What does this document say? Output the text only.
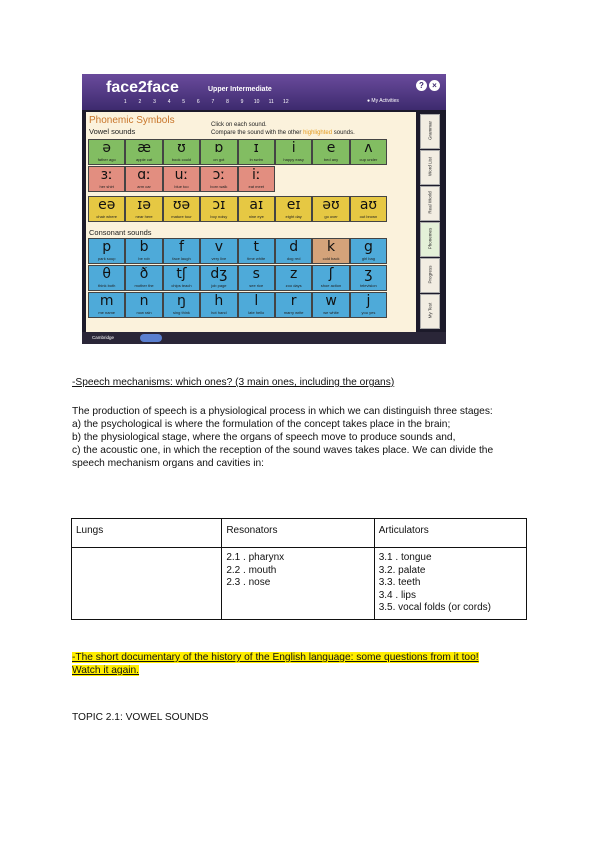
face2face	Upper Intermediate
1	2	3	4	5	6	7	8	9	10	11	12	● My Activities
?	×
Phonemic Symbols
Vowel sounds
Click on each sound.
Compare the sound with the other highlighted sounds.
ə
father ago
æ
apple cat
ʊ
book could
ɒ
on got
ɪ
in swim
i
happy easy
e
bed any
ʌ
cup under
ɜː
her shirt
ɑː
arm car
uː
blue too
ɔː
born walk
iː
eat meet
eə
chair where
ɪə
near here
ʊə
mature tour
ɔɪ
boy noisy
aɪ
nine eye
eɪ
eight day
əʊ
go over
aʊ
out brown
Consonant sounds
p
park soup
b
be rob
f
face laugh
v
very live
t
time white
d
dog red
k
cold back
g
girl bag
θ
think both
ð
mother the
tʃ
chips teach
dʒ
job page
s
see rice
z
zoo days
ʃ
shoe action
ʒ
television
m
me name
n
now rain
ŋ
sing think
h
hot hand
l
late hello
r
marry write
w
we white
j
you yes
Grammar
Word List
Real World
Phonemes
Progress
My Test
Cambridge
-Speech mechanisms: which ones? (3 main ones, including the organs)
The production of speech is a physiological process in which we can distinguish three stages:
a) the psychological is where the formulation of the concept takes place in the brain;
b) the physiological stage, where the organs of speech move to produce sounds and,
c) the acoustic one, in which the reception of the sound waves takes place. We can divide the speech mechanism organs and cavities in:
Lungs	Resonators	Articulators

	2.1 . pharynx
2.2 . mouth
2.3 . nose	3.1 . tongue
3.2. palate
3.3. teeth
3.4 . lips
3.5. vocal folds (or cords)
-The short documentary of the history of the English language: some questions from it too!
Watch it again.
TOPIC 2.1: VOWEL SOUNDS
